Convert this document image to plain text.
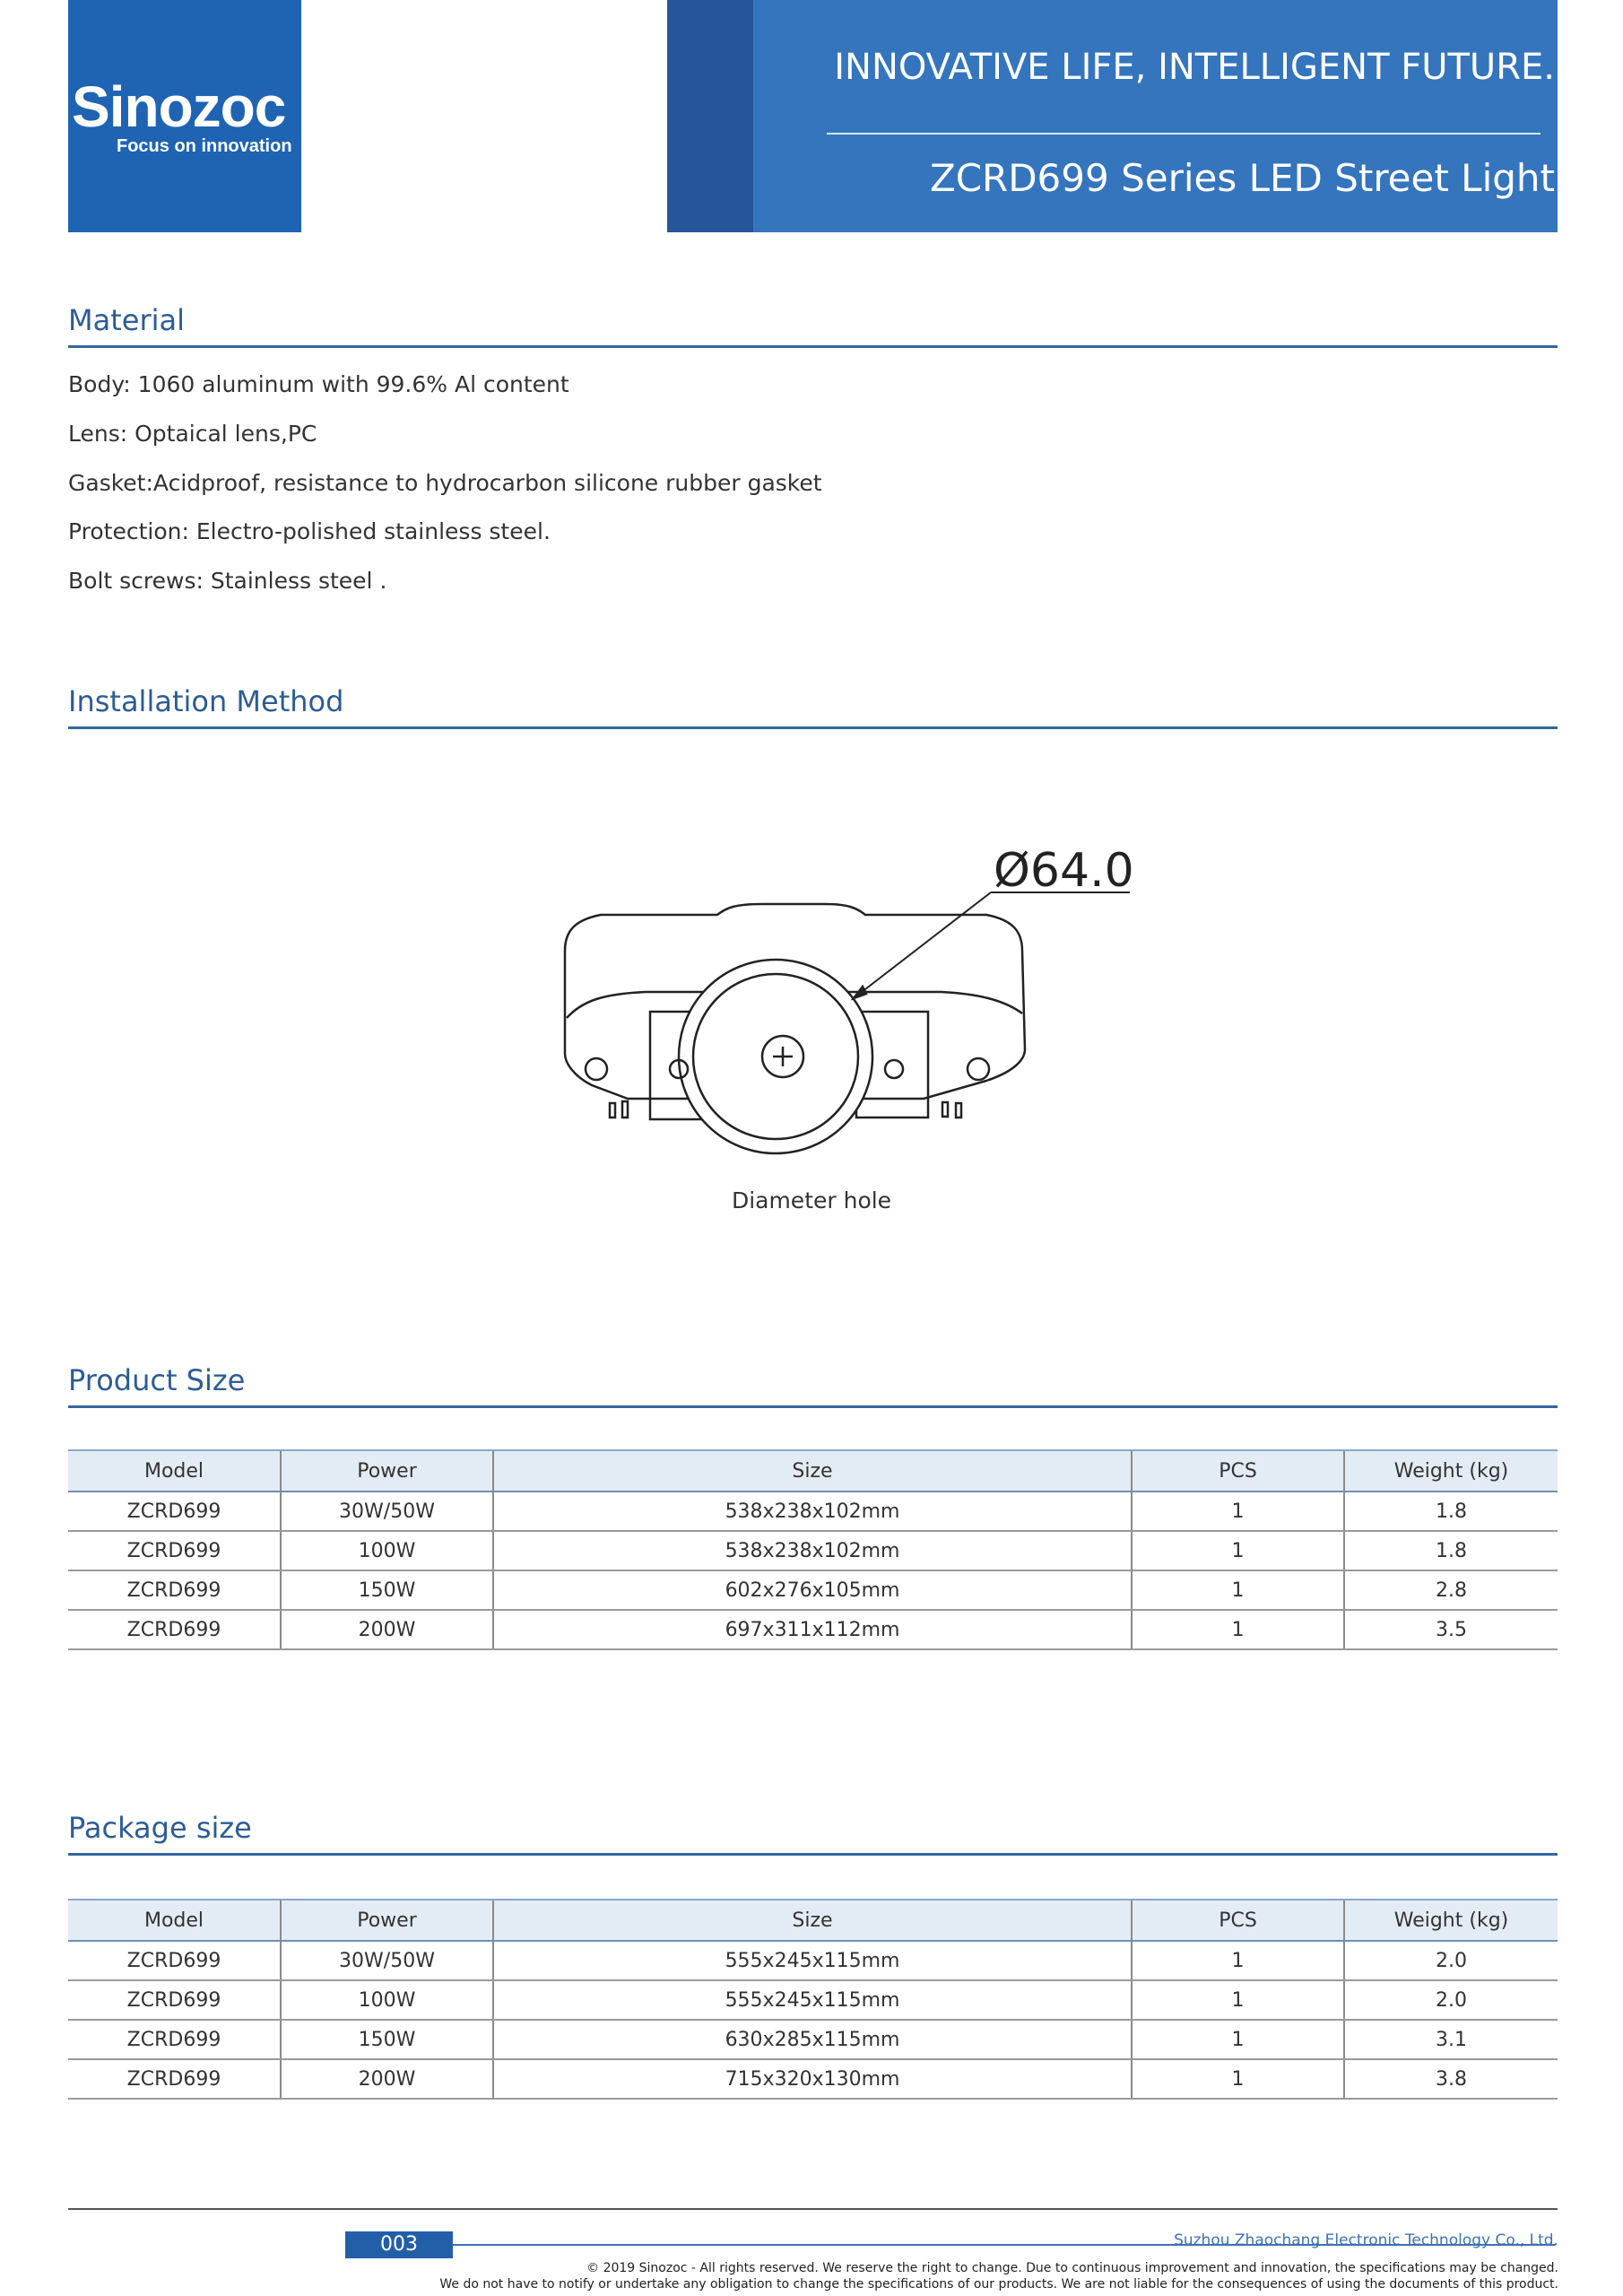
Sinozoc
Focus on innovation
INNOVATIVE LIFE, INTELLIGENT FUTURE.
ZCRD699 Series LED Street Light
Material
Body: 1060 aluminum with 99.6% Al content
Lens: Optaical lens,PC
Gasket:Acidproof, resistance to hydrocarbon silicone rubber gasket
Protection: Electro-polished stainless steel.
Bolt screws: Stainless steel .
Installation Method
Ø64.0
Diameter hole
Product Size
Model	Power	Size	PCS	Weight (kg)
ZCRD699	30W/50W	538x238x102mm	1	1.8
ZCRD699	100W	538x238x102mm	1	1.8
ZCRD699	150W	602x276x105mm	1	2.8
ZCRD699	200W	697x311x112mm	1	3.5
Package size
Model	Power	Size	PCS	Weight (kg)
ZCRD699	30W/50W	555x245x115mm	1	2.0
ZCRD699	100W	555x245x115mm	1	2.0
ZCRD699	150W	630x285x115mm	1	3.1
ZCRD699	200W	715x320x130mm	1	3.8
003	Suzhou Zhaochang Electronic Technology Co., Ltd.
© 2019 Sinozoc - All rights reserved. We reserve the right to change. Due to continuous improvement and innovation, the specifications may be changed.
We do not have to notify or undertake any obligation to change the specifications of our products. We are not liable for the consequences of using the documents of this product.
